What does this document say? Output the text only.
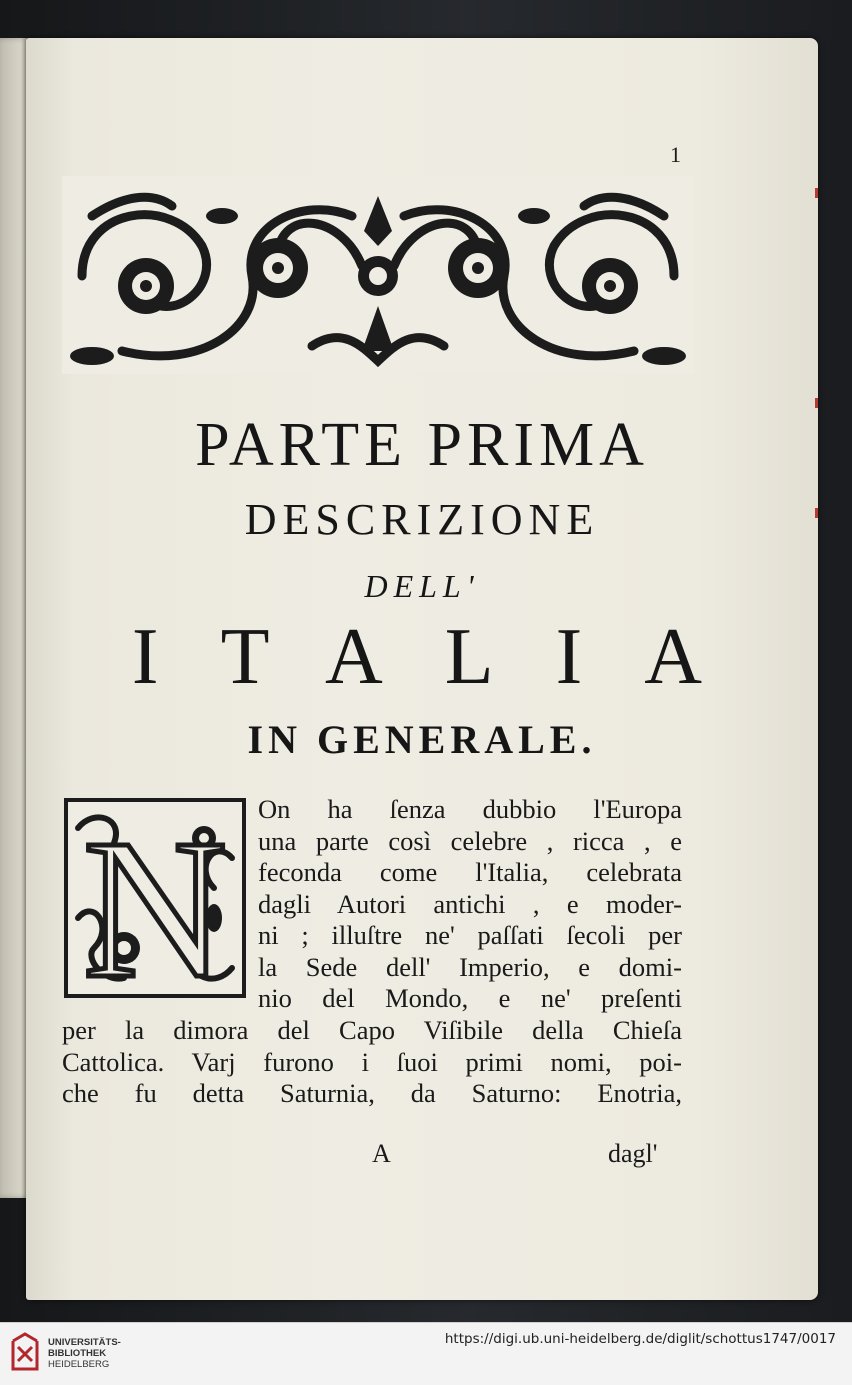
1
PARTE PRIMA
DESCRIZIONE
DELL'
ITALIA
IN GENERALE.
N On ha ſenza dubbio l'Europa
una parte così celebre , ricca , e
feconda come l'Italia, celebrata
dagli Autori antichi , e moder-
ni ; illuſtre ne' paſſati ſecoli per
la Sede dell' Imperio, e domi-
nio del Mondo, e ne' preſenti
per la dimora del Capo Viſibile della Chieſa
Cattolica. Varj furono i ſuoi primi nomi, poi-
che fu detta Saturnia, da Saturno: Enotria,
A	dagl'
UNIVERSITÄTS-
BIBLIOTHEK
HEIDELBERG
https://digi.ub.uni-heidelberg.de/diglit/schottus1747/0017
